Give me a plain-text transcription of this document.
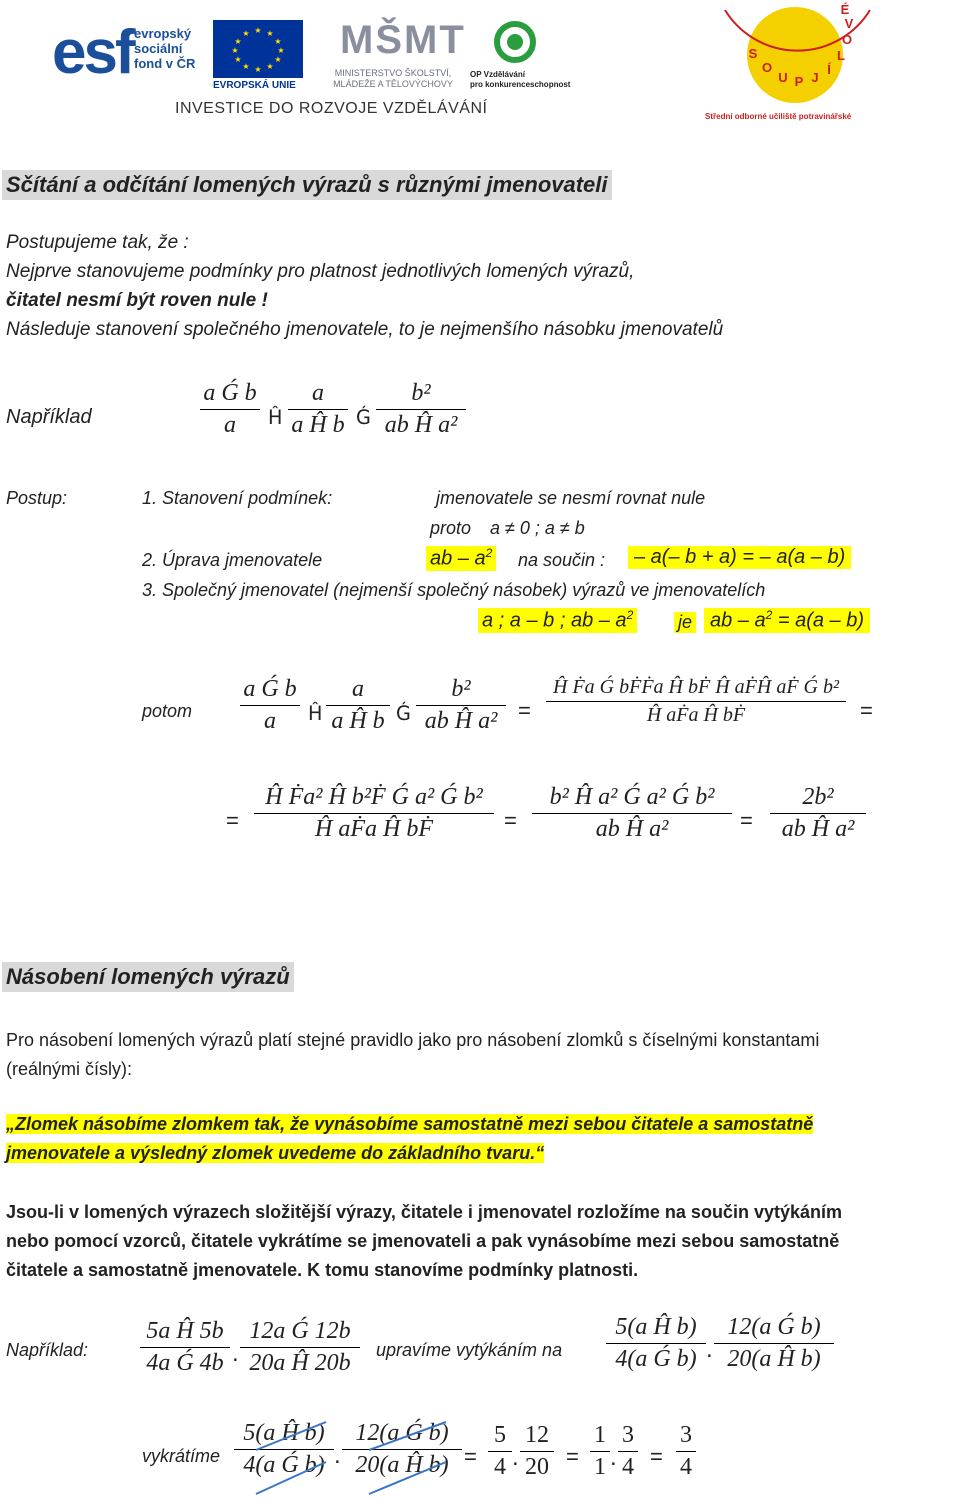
esf evropský
sociální
fond v ČR
★ ★
★
★
★
★
★
★
★
★
★
★
EVROPSKÁ UNIE
MŠMT
MINISTERSTVO ŠKOLSTVÍ,
MLÁDEŽE A TĚLOVÝCHOVY
OP Vzdělávání
pro konkurenceschopnost
INVESTICE DO ROZVOJE VZDĚLÁVÁNÍ
S
O
U P J
Í
L
O
V
É
Střední odborné učiliště potravinářské
Sčítání a odčítání lomených výrazů s různými jmenovateli
Postupujeme tak, že :
Nejprve stanovujeme podmínky pro platnost jednotlivých lomených výrazů,
čitatel nesmí být roven nule !
Následuje stanovení společného jmenovatele, to je nejmenšího násobku jmenovatelů
Například
a Ǵ b
a	Ĥ
a
a Ĥ b Ǵ
b²
ab Ĥ a²
Postup:	1. Stanovení podmínek:	jmenovatele se nesmí rovnat nule
proto a ≠ 0 ; a ≠ b
2. Úprava jmenovatele	ab – $a^2$ na součin :	– a(– b + a) = – a(a – b)
3. Společný jmenovatel (nejmenší společný násobek) výrazů ve jmenovatelích
a ; a – b ; ab – $a^2$ je ab – $a^2 = a(a - b)$
potom
a Ǵ b
a	Ĥ
a
a Ĥ b Ǵ
b²
ab Ĥ a² =
Ĥ Ḟa Ǵ bḞḞa Ĥ bḞ Ĥ aḞĤ aḞ Ǵ b²
Ĥ aḞa Ĥ bḞ	=
=
Ĥ Ḟa² Ĥ b²Ḟ Ǵ a² Ǵ b²
Ĥ aḞa Ĥ bḞ	=
b² Ĥ a² Ǵ a² Ǵ b²
ab Ĥ a²	=
2b²
ab Ĥ a²
Násobení lomených výrazů
Pro násobení lomených výrazů platí stejné pravidlo jako pro násobení zlomků s číselnými konstantami
(reálnými čísly):
„Zlomek násobíme zlomkem tak, že vynásobíme samostatně mezi sebou čitatele a samostatně
jmenovatele a výsledný zlomek uvedeme do základního tvaru.“
Jsou-li v lomených výrazech složitější výrazy, čitatele i jmenovatel rozložíme na součin vytýkáním
nebo pomocí vzorců, čitatele vykrátíme se jmenovateli a pak vynásobíme mezi sebou samostatně
čitatele a samostatně jmenovatele. K tomu stanovíme podmínky platnosti.
Například:
5a Ĥ 5b
4a Ǵ 4b .
12a Ǵ 12b
20a Ĥ 20b	upravíme vytýkáním na
5(a Ĥ b)
4(a Ǵ b) .
12(a Ǵ b)
20(a Ĥ b)
vykrátíme
5(a Ĥ b)
4(a Ǵ b) .
12(a Ǵ b)
20(a Ĥ b) =
5
4 .
12
20 =
1
1 .
3
4 =
3
4
